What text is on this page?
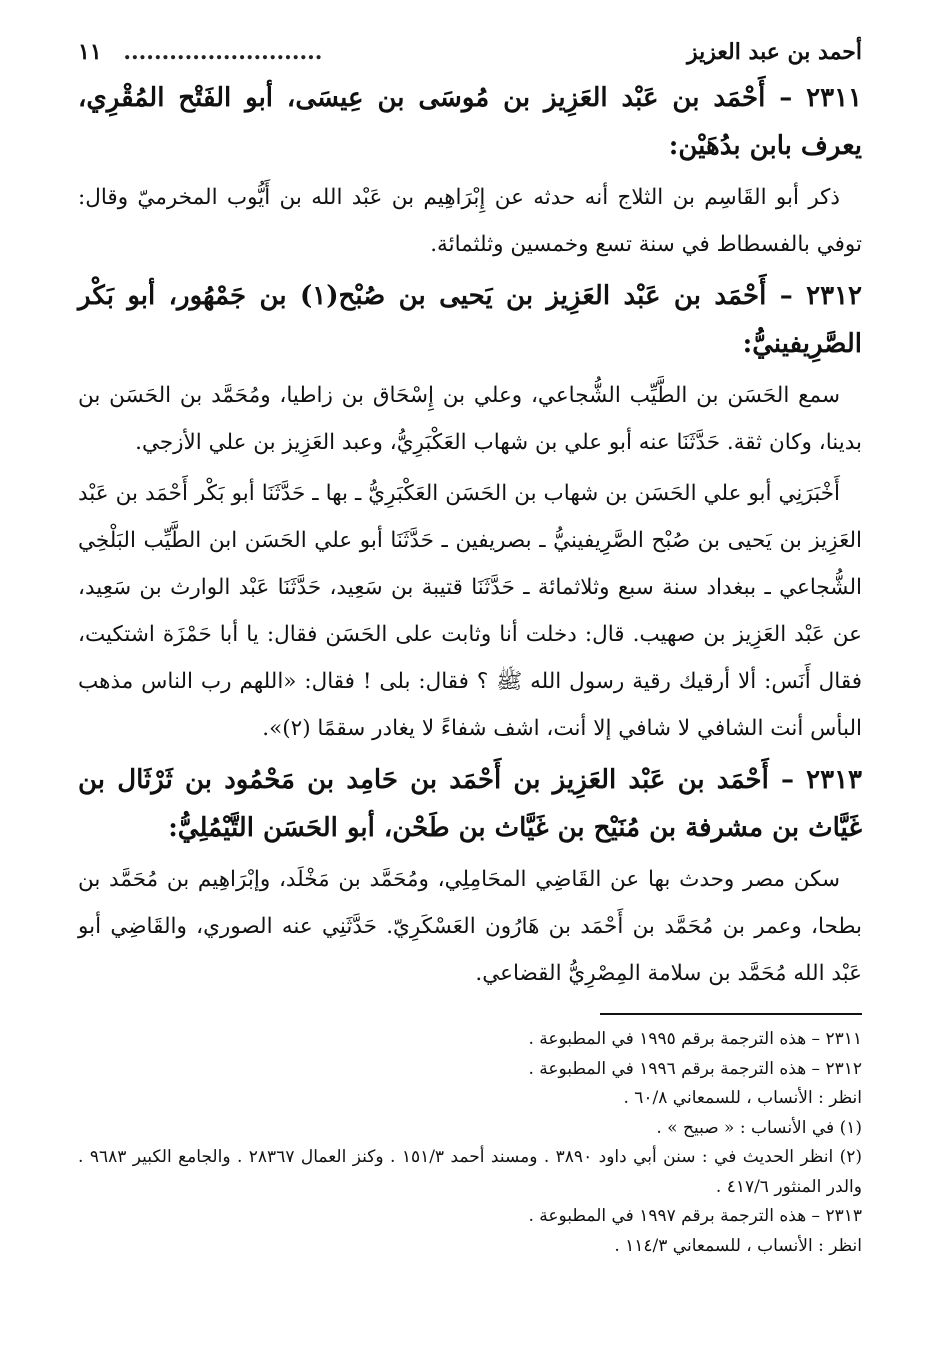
أحمد بن عبد العزيز
.......................... ١١
٢٣١١ – أَحْمَد بن عَبْد العَزِيز بن مُوسَى بن عِيسَى، أبو الفَتْح المُقْرِي، يعرف بابن بدُهَيْن:

ذكر أبو القَاسِم بن الثلاج أنه حدثه عن إِبْرَاهِيم بن عَبْد الله بن أَيُّوب المخرميّ وقال: توفي بالفسطاط في سنة تسع وخمسين وثلثمائة.

٢٣١٢ – أَحْمَد بن عَبْد العَزِيز بن يَحيى بن صُبْح(١) بن جَمْهُور، أبو بَكْر الصَّرِيفينيُّ:

سمع الحَسَن بن الطَّيِّب الشُّجاعي، وعلي بن إِسْحَاق بن زاطيا، ومُحَمَّد بن الحَسَن بن بدينا، وكان ثقة. حَدَّثَنَا عنه أبو علي بن شهاب العَكْبَرِيُّ، وعبد العَزِيز بن علي الأزجي.

أَخْبَرَنِي أبو علي الحَسَن بن شهاب بن الحَسَن العَكْبَرِيُّ ـ بها ـ حَدَّثَنَا أبو بَكْر أَحْمَد بن عَبْد العَزِيز بن يَحيى بن صُبْح الصَّرِيفينيُّ ـ بصريفين ـ حَدَّثَنَا أبو علي الحَسَن ابن الطَّيِّب البَلْخِي الشُّجاعي ـ ببغداد سنة سبع وثلاثمائة ـ حَدَّثَنَا قتيبة بن سَعِيد، حَدَّثَنَا عَبْد الوارث بن سَعِيد، عن عَبْد العَزِيز بن صهيب. قال: دخلت أنا وثابت على الحَسَن فقال: يا أبا حَمْزَة اشتكيت، فقال أَنَس: ألا أرقيك رقية رسول الله ﷺ ؟ فقال: بلى ! فقال: «اللهم رب الناس مذهب البأس أنت الشافي لا شافي إلا أنت، اشف شفاءً لا يغادر سقمًا (٢)».

٢٣١٣ – أَحْمَد بن عَبْد العَزِيز بن أَحْمَد بن حَامِد بن مَحْمُود بن ثَرْثَال بن غَيَّاث بن مشرفة بن مُنَيْح بن غَيَّاث بن طَحْن، أبو الحَسَن التَّيْمُلِيُّ:

سكن مصر وحدث بها عن القَاضِي المحَامِلِي، ومُحَمَّد بن مَخْلَد، وإبْرَاهِيم بن مُحَمَّد بن بطحا، وعمر بن مُحَمَّد بن أَحْمَد بن هَارُون العَسْكَرِيّ. حَدَّثَنِي عنه الصوري، والقَاضِي أبو عَبْد الله مُحَمَّد بن سلامة المِصْرِيُّ القضاعي.

٢٣١١ – هذه الترجمة برقم ١٩٩٥ في المطبوعة .
٢٣١٢ – هذه الترجمة برقم ١٩٩٦ في المطبوعة .
انظر : الأنساب ، للسمعاني ٦٠/٨ .
(١) في الأنساب : « صبيح » .
(٢) انظر الحديث في : سنن أبي داود ٣٨٩٠ . ومسند أحمد ١٥١/٣ . وكنز العمال ٢٨٣٦٧ . والجامع الكبير ٩٦٨٣ . والدر المنثور ٤١٧/٦ .
٢٣١٣ – هذه الترجمة برقم ١٩٩٧ في المطبوعة .
انظر : الأنساب ، للسمعاني ١١٤/٣ .
